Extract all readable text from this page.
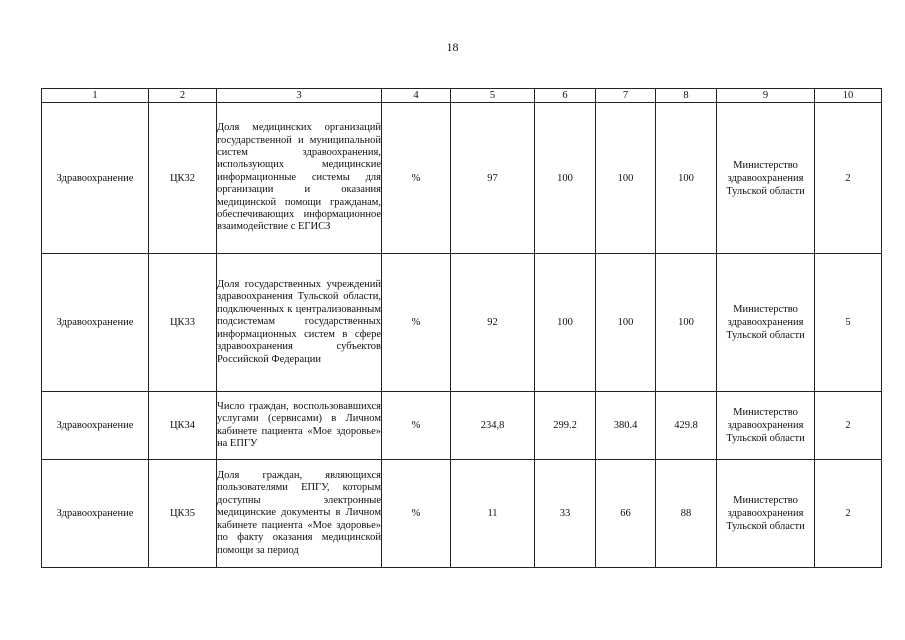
18
1	2	3	4	5	6	7	8	9	10
Здравоохранение	ЦК32	Доля медицинских организаций государственной и муниципальной систем здравоохранения, использующих медицинские информационные системы для организации и оказания медицинской помощи гражданам, обеспечивающих информационное взаимодействие с ЕГИСЗ	%	97	100	100	100	Министерство здравоохранения Тульской области	2
Здравоохранение	ЦК33	Доля государственных учреждений здравоохранения Тульской области, подключенных к централизованным подсистемам государственных информационных систем в сфере здравоохранения субъектов Российской Федерации	%	92	100	100	100	Министерство здравоохранения Тульской области	5
Здравоохранение	ЦК34	Число граждан, воспользовавшихся услугами (сервисами) в Личном кабинете пациента «Мое здоровье» на ЕПГУ	%	234,8	299.2	380.4	429.8	Министерство здравоохранения Тульской области	2
Здравоохранение	ЦК35	Доля граждан, являющихся пользователями ЕПГУ, которым доступны электронные медицинские документы в Личном кабинете пациента «Мое здоровье» по факту оказания медицинской помощи за период	%	11	33	66	88	Министерство здравоохранения Тульской области	2
